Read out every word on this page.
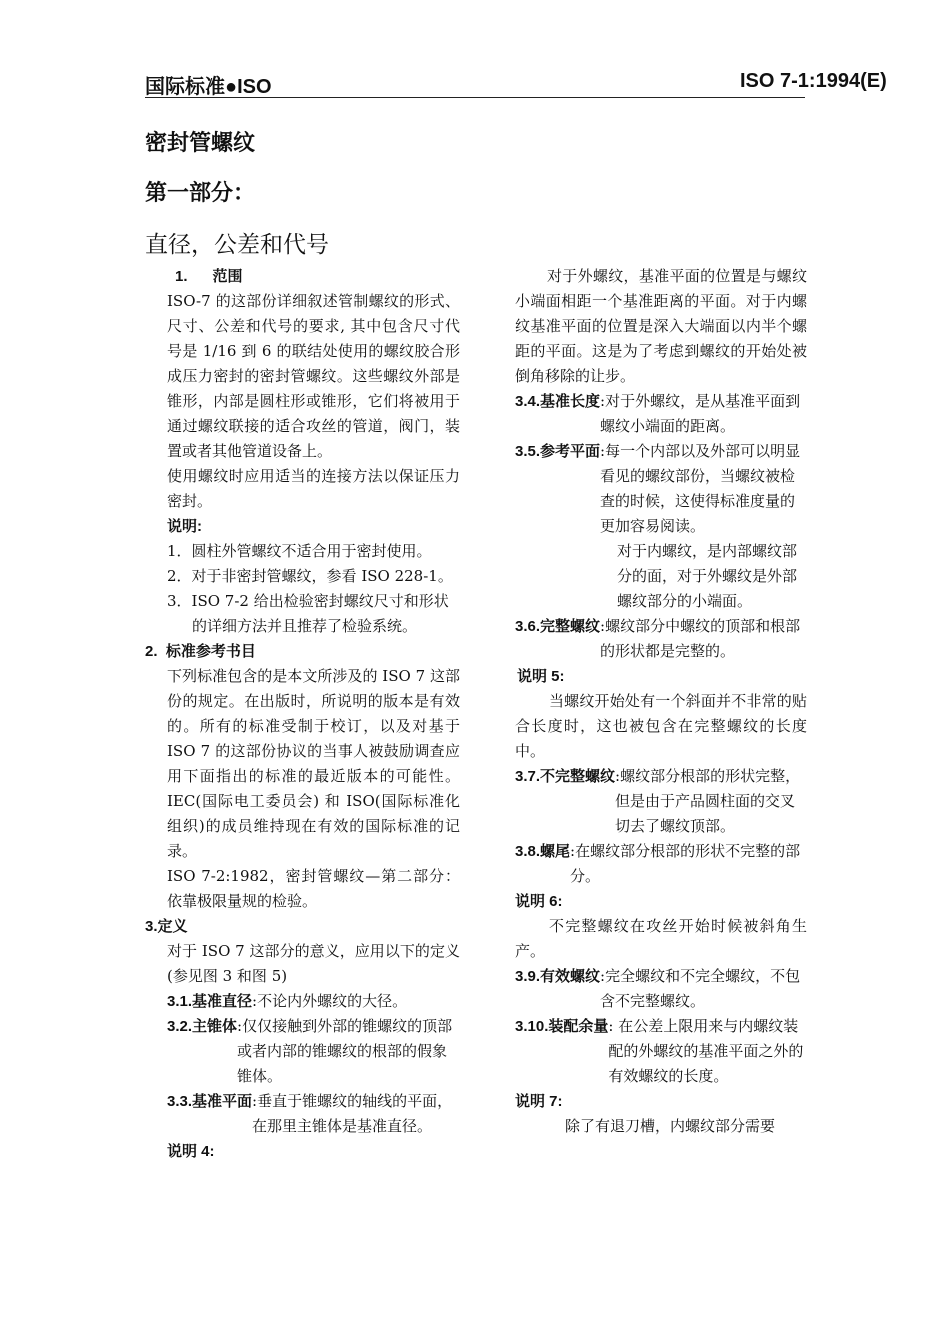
国际标准●ISO	ISO 7-1:1994(E)
密封管螺纹
第一部分：
直径，公差和代号

1.      范围

ISO-7 的这部份详细叙述管制螺纹的形式、尺寸、公差和代号的要求, 其中包含尺寸代号是 1/16 到 6 的联结处使用的螺纹胶合形成压力密封的密封管螺纹。这些螺纹外部是锥形，内部是圆柱形或锥形，它们将被用于通过螺纹联接的适合攻丝的管道，阀门，装置或者其他管道设备上。

使用螺纹时应用适当的连接方法以保证压力密封。

说明:

1．圆柱外管螺纹不适合用于密封使用。

2．对于非密封管螺纹，参看 ISO 228-1。

3．ISO 7-2 给出检验密封螺纹尺寸和形状的详细方法并且推荐了检验系统。

2.  标准参考书目

下列标准包含的是本文所涉及的 ISO 7 这部份的规定。在出版时，所说明的版本是有效的。所有的标准受制于校订，以及对基于 ISO 7 的这部份协议的当事人被鼓励调查应用下面指出的标准的最近版本的可能性。IEC(国际电工委员会) 和 ISO(国际标准化组织)的成员维持现在有效的国际标准的记录。

ISO 7-2:1982，密封管螺纹—第二部分：依靠极限量规的检验。

3.定义

对于 ISO 7 这部分的意义，应用以下的定义(参见图 3 和图 5)

3.1.基准直径 :不论内外螺纹的大径。
3.2.主锥体 :仅仅接触到外部的锥螺纹的顶部或者内部的锥螺纹的根部的假象锥体。
3.3.基准平面 :垂直于锥螺纹的轴线的平面，在那里主锥体是基准直径。

说明 4:

对于外螺纹，基准平面的位置是与螺纹小端面相距一个基准距离的平面。对于内螺纹基准平面的位置是深入大端面以内半个螺距的平面。这是为了考虑到螺纹的开始处被倒角移除的让步。

3.4.基准长度 :对于外螺纹，是从基准平面到螺纹小端面的距离。
3.5.参考平面 :每一个内部以及外部可以明显看见的螺纹部份，当螺纹被检查的时候，这使得标准度量的更加容易阅读。

对于内螺纹，是内部螺纹部分的面，对于外螺纹是外部螺纹部分的小端面。

3.6.完整螺纹 :螺纹部分中螺纹的顶部和根部的形状都是完整的。

说明 5:

当螺纹开始处有一个斜面并不非常的贴合长度时，这也被包含在完整螺纹的长度中。

3.7.不完整螺纹 :螺纹部分根部的形状完整，但是由于产品圆柱面的交叉切去了螺纹顶部。
3.8.螺尾 :在螺纹部分根部的形状不完整的部分。

说明 6:

不完整螺纹在攻丝开始时候被斜角生产。

3.9.有效螺纹 :完全螺纹和不完全螺纹，不包含不完整螺纹。
3.10.装配余量 : 在公差上限用来与内螺纹装配的外螺纹的基准平面之外的有效螺纹的长度。

说明 7:

除了有退刀槽，内螺纹部分需要
